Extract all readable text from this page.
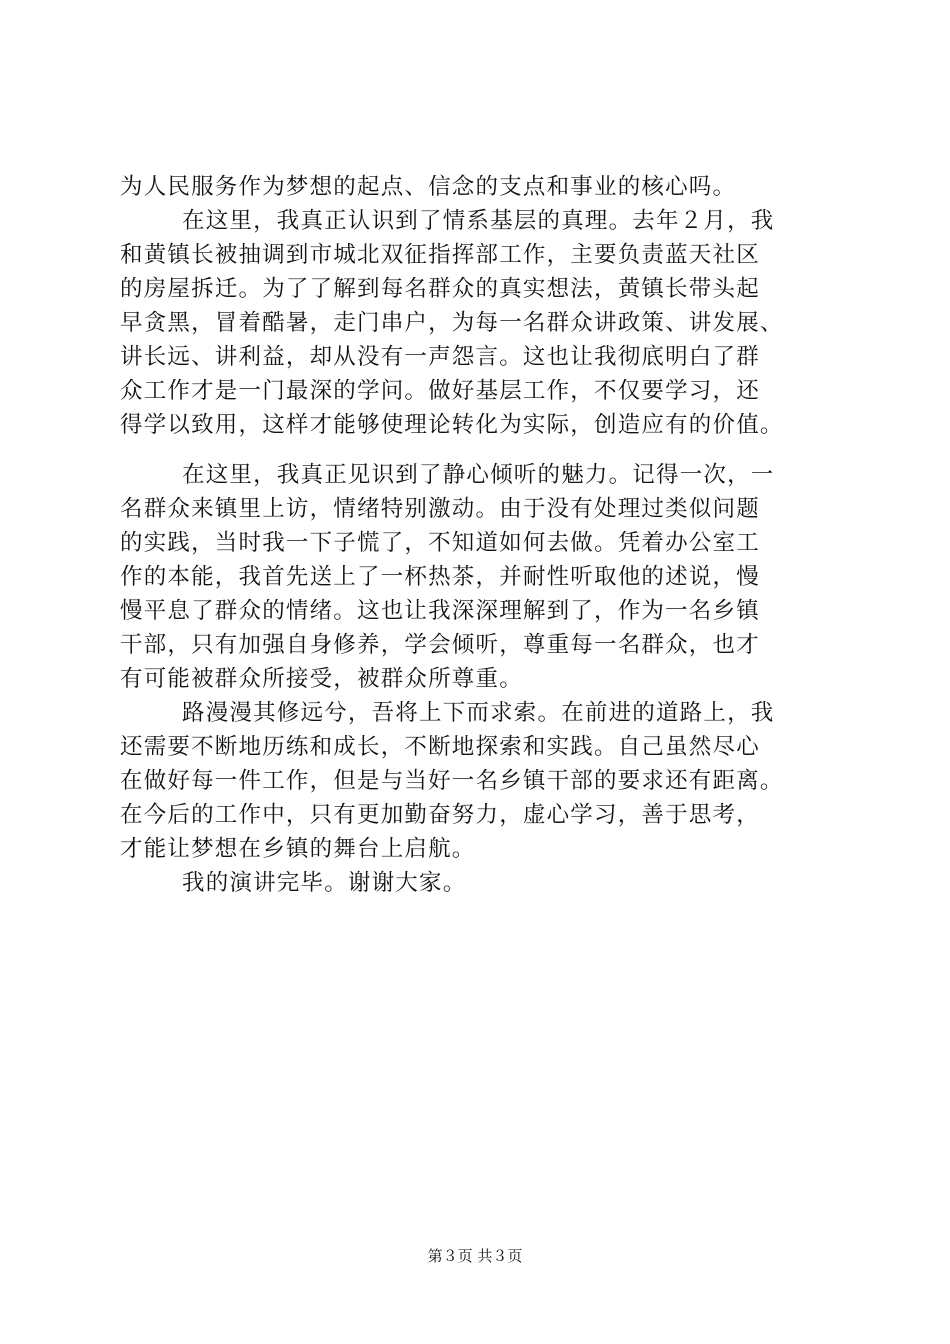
为人民服务作为梦想的起点、信念的支点和事业的核心吗。
在这里，我真正认识到了情系基层的真理。去年２月，我
和黄镇长被抽调到市城北双征指挥部工作，主要负责蓝天社区
的房屋拆迁。为了了解到每名群众的真实想法，黄镇长带头起
早贪黑，冒着酷暑，走门串户，为每一名群众讲政策、讲发展、
讲长远、讲利益，却从没有一声怨言。这也让我彻底明白了群
众工作才是一门最深的学问。做好基层工作，不仅要学习，还
得学以致用，这样才能够使理论转化为实际，创造应有的价值。
在这里，我真正见识到了静心倾听的魅力。记得一次，一
名群众来镇里上访，情绪特别激动。由于没有处理过类似问题
的实践，当时我一下子慌了，不知道如何去做。凭着办公室工
作的本能，我首先送上了一杯热茶，并耐性听取他的述说，慢
慢平息了群众的情绪。这也让我深深理解到了，作为一名乡镇
干部，只有加强自身修养，学会倾听，尊重每一名群众，也才
有可能被群众所接受，被群众所尊重。
路漫漫其修远兮，吾将上下而求索。在前进的道路上，我
还需要不断地历练和成长，不断地探索和实践。自己虽然尽心
在做好每一件工作，但是与当好一名乡镇干部的要求还有距离。
在今后的工作中，只有更加勤奋努力，虚心学习，善于思考，
才能让梦想在乡镇的舞台上启航。
我的演讲完毕。谢谢大家。
第３页 共３页
